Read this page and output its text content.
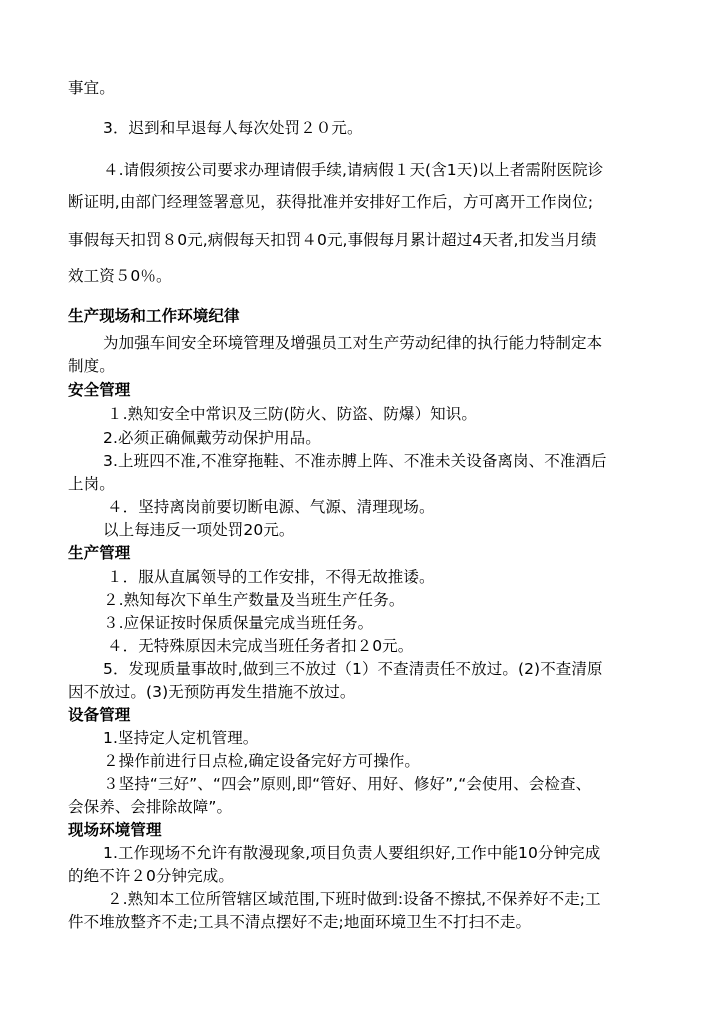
事宜。
3．迟到和早退每人每次处罚２０元。
４.请假须按公司要求办理请假手续,请病假１天(含1天)以上者需附医院诊
断证明,由部门经理签署意见，获得批准并安排好工作后，方可离开工作岗位;
事假每天扣罚８0元,病假每天扣罚４0元,事假每月累计超过4天者,扣发当月绩
效工资５0％。
生产现场和工作环境纪律
为加强车间安全环境管理及增强员工对生产劳动纪律的执行能力特制定本
制度。
安全管理
１.熟知安全中常识及三防(防火、防盗、防爆）知识。
2.必须正确佩戴劳动保护用品。
3.上班四不准,不准穿拖鞋、不准赤膊上阵、不准未关设备离岗、不准酒后
上岗。
４．坚持离岗前要切断电源、气源、清理现场。
以上每违反一项处罚20元。
生产管理
１．服从直属领导的工作安排，不得无故推诿。
２.熟知每次下单生产数量及当班生产任务。
３.应保证按时保质保量完成当班任务。
４．无特殊原因未完成当班任务者扣２0元。
5．发现质量事故时,做到三不放过（1）不查清责任不放过。(2)不查清原
因不放过。(3)无预防再发生措施不放过。
设备管理
1.坚持定人定机管理。
２操作前进行日点检,确定设备完好方可操作。
３坚持“三好”、“四会”原则,即“管好、用好、修好”,“会使用、会检查、
会保养、会排除故障”。
现场环境管理
1.工作现场不允许有散漫现象,项目负责人要组织好,工作中能10分钟完成
的绝不许２0分钟完成。
２.熟知本工位所管辖区域范围,下班时做到:设备不擦拭,不保养好不走;工
件不堆放整齐不走;工具不清点摆好不走;地面环境卫生不打扫不走。
